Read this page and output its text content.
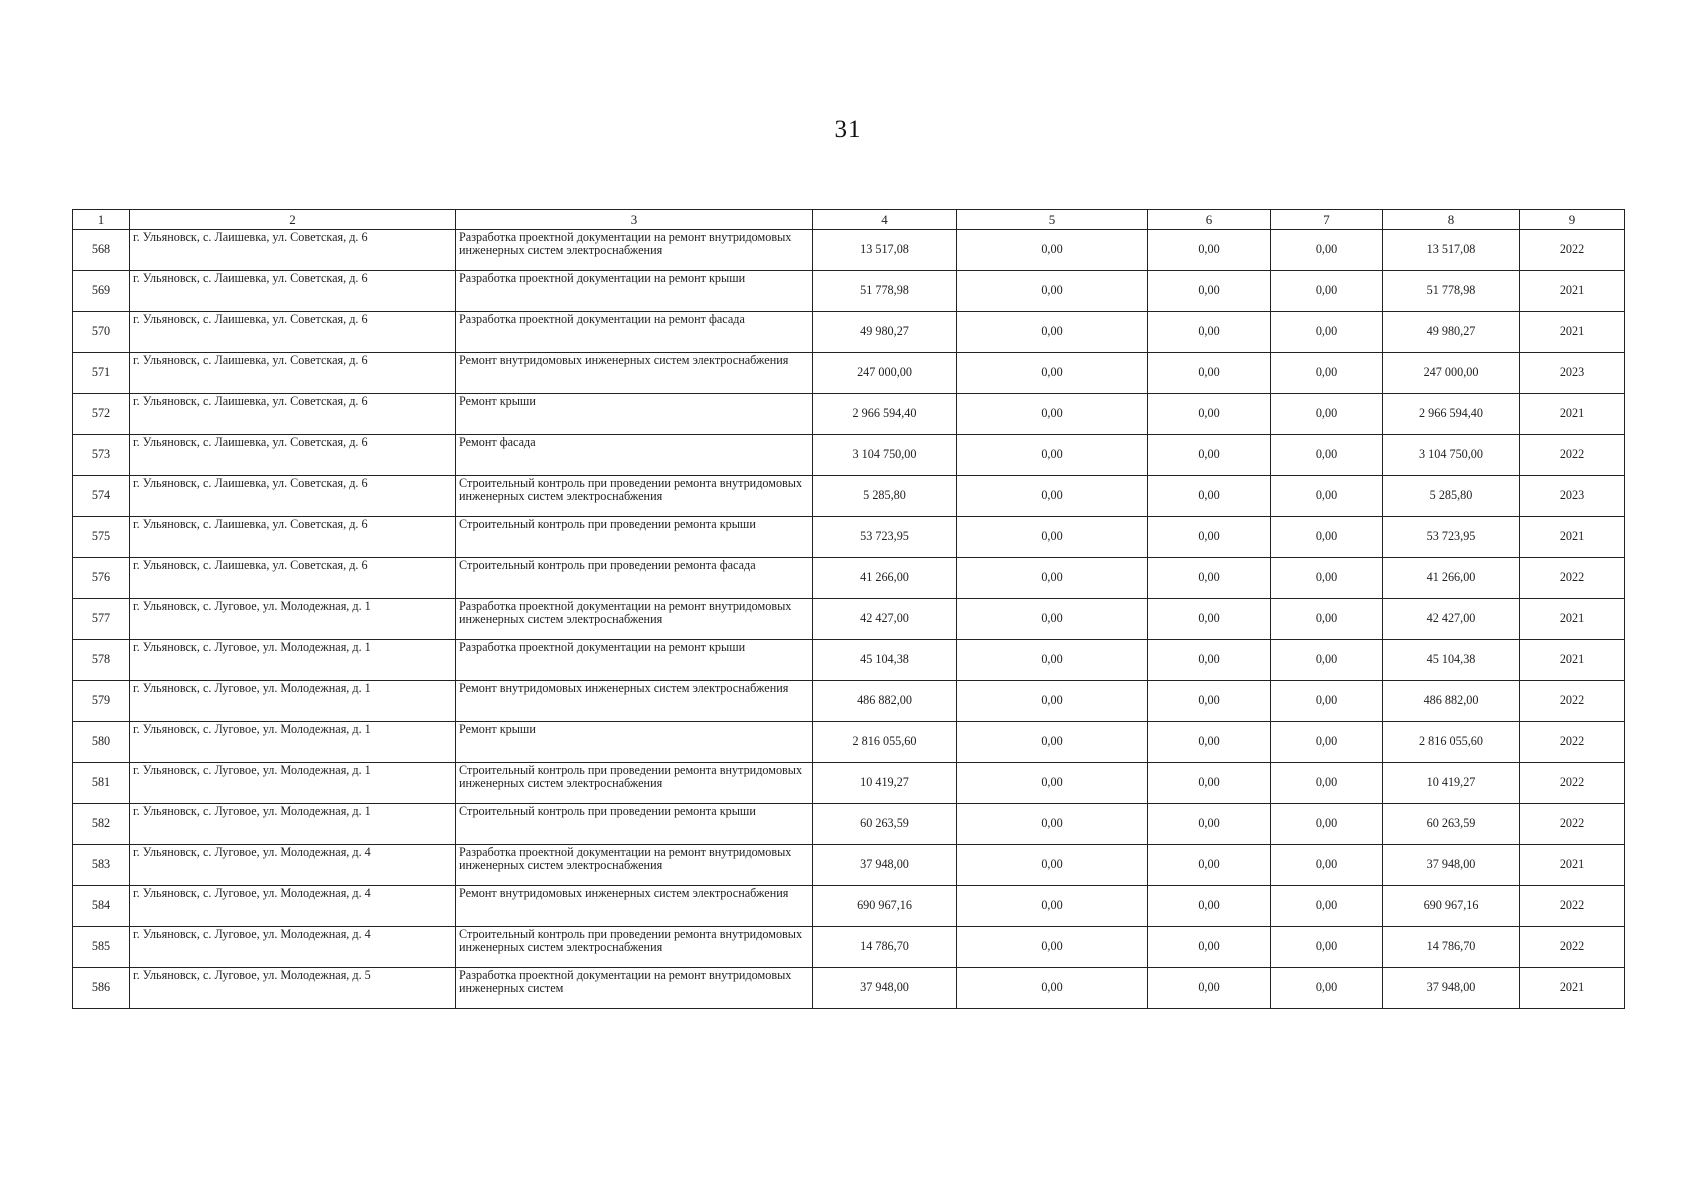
31
1	2	3	4	5	6	7	8	9
568	г. Ульяновск, с. Лаишевка, ул. Советская, д. 6	Разработка проектной документации на ремонт внутридомовых инженерных систем электроснабжения	13 517,08	0,00	0,00	0,00	13 517,08	2022
569	г. Ульяновск, с. Лаишевка, ул. Советская, д. 6	Разработка проектной документации на ремонт крыши	51 778,98	0,00	0,00	0,00	51 778,98	2021
570	г. Ульяновск, с. Лаишевка, ул. Советская, д. 6	Разработка проектной документации на ремонт фасада	49 980,27	0,00	0,00	0,00	49 980,27	2021
571	г. Ульяновск, с. Лаишевка, ул. Советская, д. 6	Ремонт внутридомовых инженерных систем электроснабжения	247 000,00	0,00	0,00	0,00	247 000,00	2023
572	г. Ульяновск, с. Лаишевка, ул. Советская, д. 6	Ремонт крыши	2 966 594,40	0,00	0,00	0,00	2 966 594,40	2021
573	г. Ульяновск, с. Лаишевка, ул. Советская, д. 6	Ремонт фасада	3 104 750,00	0,00	0,00	0,00	3 104 750,00	2022
574	г. Ульяновск, с. Лаишевка, ул. Советская, д. 6	Строительный контроль при проведении ремонта внутридомовых инженерных систем электроснабжения	5 285,80	0,00	0,00	0,00	5 285,80	2023
575	г. Ульяновск, с. Лаишевка, ул. Советская, д. 6	Строительный контроль при проведении ремонта крыши	53 723,95	0,00	0,00	0,00	53 723,95	2021
576	г. Ульяновск, с. Лаишевка, ул. Советская, д. 6	Строительный контроль при проведении ремонта фасада	41 266,00	0,00	0,00	0,00	41 266,00	2022
577	г. Ульяновск, с. Луговое, ул. Молодежная, д. 1	Разработка проектной документации на ремонт внутридомовых инженерных систем электроснабжения	42 427,00	0,00	0,00	0,00	42 427,00	2021
578	г. Ульяновск, с. Луговое, ул. Молодежная, д. 1	Разработка проектной документации на ремонт крыши	45 104,38	0,00	0,00	0,00	45 104,38	2021
579	г. Ульяновск, с. Луговое, ул. Молодежная, д. 1	Ремонт внутридомовых инженерных систем электроснабжения	486 882,00	0,00	0,00	0,00	486 882,00	2022
580	г. Ульяновск, с. Луговое, ул. Молодежная, д. 1	Ремонт крыши	2 816 055,60	0,00	0,00	0,00	2 816 055,60	2022
581	г. Ульяновск, с. Луговое, ул. Молодежная, д. 1	Строительный контроль при проведении ремонта внутридомовых инженерных систем электроснабжения	10 419,27	0,00	0,00	0,00	10 419,27	2022
582	г. Ульяновск, с. Луговое, ул. Молодежная, д. 1	Строительный контроль при проведении ремонта крыши	60 263,59	0,00	0,00	0,00	60 263,59	2022
583	г. Ульяновск, с. Луговое, ул. Молодежная, д. 4	Разработка проектной документации на ремонт внутридомовых инженерных систем электроснабжения	37 948,00	0,00	0,00	0,00	37 948,00	2021
584	г. Ульяновск, с. Луговое, ул. Молодежная, д. 4	Ремонт внутридомовых инженерных систем электроснабжения	690 967,16	0,00	0,00	0,00	690 967,16	2022
585	г. Ульяновск, с. Луговое, ул. Молодежная, д. 4	Строительный контроль при проведении ремонта внутридомовых инженерных систем электроснабжения	14 786,70	0,00	0,00	0,00	14 786,70	2022
586	г. Ульяновск, с. Луговое, ул. Молодежная, д. 5	Разработка проектной документации на ремонт внутридомовых инженерных систем	37 948,00	0,00	0,00	0,00	37 948,00	2021
